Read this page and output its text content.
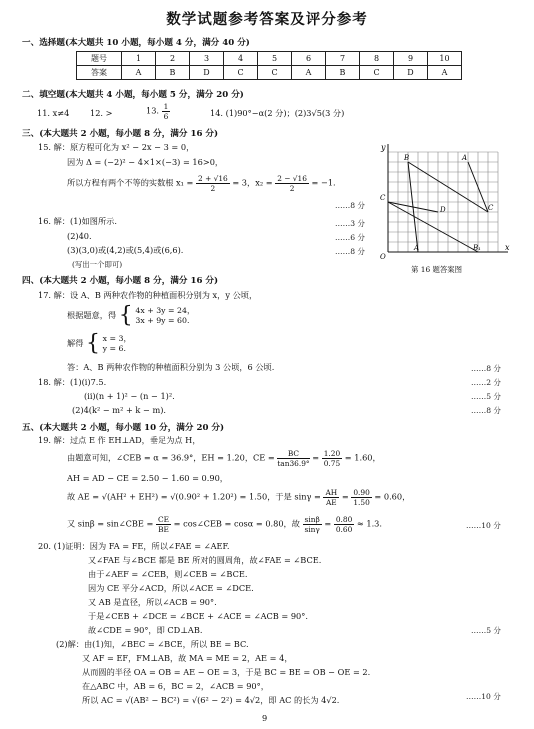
数学试题参考答案及评分参考
一、选择题(本大题共 10 小题，每小题 4 分，满分 40 分)
题号	1	2	3	4	5	6	7	8	9	10
答案	A	B	D	C	C	A	B	C	D	A
二、填空题(本大题共 4 小题，每小题 5 分，满分 20 分)
11. x≠4	12. >	13. $\frac{1}{6}$	14. (1)90°−α(2 分)；(2)3√5(3 分)
三、(本大题共 2 小题，每小题 8 分，满分 16 分)
15. 解：原方程可化为 x² − 2x − 3 = 0，
因为 Δ = (−2)² − 4×1×(−3) = 16>0，
所以方程有两个不等的实数根 $x_1 = \frac{2 + √16}{2} = 3$，$x_2 = \frac{2 - √16}{2} = -1$.
……8 分
16. 解：(1)如图所示.	……3 分
(2)40.	……6 分
(3)(3,0)或(4,2)或(5,4)或(6,6).	……8 分
(写出一个即可)
y
x
O
B	A
C
D	C
A	B₁
第 16 题答案图
四、(本大题共 2 小题，每小题 8 分，满分 16 分)
17. 解：设 A、B 两种农作物的种植面积分别为 x，y 公顷，
根据题意，得 { 4x + 3y = 24，
3x + 9y = 60.
解得 { x = 3，
y = 6.
答：A、B 两种农作物的种植面积分别为 3 公顷，6 公顷.	……8 分
18. 解：(1)(ⅰ)7.5.	……2 分
(ⅱ)(n + 1)² − (n − 1)².	……5 分
(2)4(k² − m² + k − m).	……8 分
五、(本大题共 2 小题，每小题 10 分，满分 20 分)
19. 解：过点 E 作 EH⊥AD，垂足为点 H，
由题意可知，∠CEB = α = 36.9°，EH = 1.20，CE = $\frac{BC}{\tan 36.9^\circ} = \frac{1.20}{0.75} = 1.60$，
AH = AD − CE = 2.50 − 1.60 = 0.90，
故 AE = √(AH² + EH²) = √(0.90² + 1.20²) = 1.50，于是 $\sin\gamma = \frac{AH}{AE} = \frac{0.90}{1.50} = 0.60$，
又 sinβ = sin∠CBE = $\frac{CE}{BE}$ = cos∠CEB = cosα = 0.80，故 $\frac{\sin\beta}{\sin\gamma} = \frac{0.80}{0.60} \approx 1.3$.	……10 分
20. (1)证明：因为 FA = FE，所以∠FAE = ∠AEF.
又∠FAE 与∠BCE 都是 BE 所对的圆周角，故∠FAE = ∠BCE.
由于∠AEF = ∠CEB，则∠CEB = ∠BCE.
因为 CE 平分∠ACD，所以∠ACE = ∠DCE.
又 AB 是直径，所以∠ACB = 90°.
于是∠CEB + ∠DCE = ∠BCE + ∠ACE = ∠ACB = 90°.
故∠CDE = 90°，即 CD⊥AB.	……5 分
(2)解：由(1)知，∠BEC = ∠BCE，所以 BE = BC.
又 AF = EF，FM⊥AB，故 MA = ME = 2，AE = 4，
从而圆的半径 OA = OB = AE − OE = 3，于是 BC = BE = OB − OE = 2.
在△ABC 中，AB = 6，BC = 2，∠ACB = 90°，
所以 AC = √(AB² − BC²) = √(6² − 2²) = 4√2，即 AC 的长为 4√2.	……10 分
9
